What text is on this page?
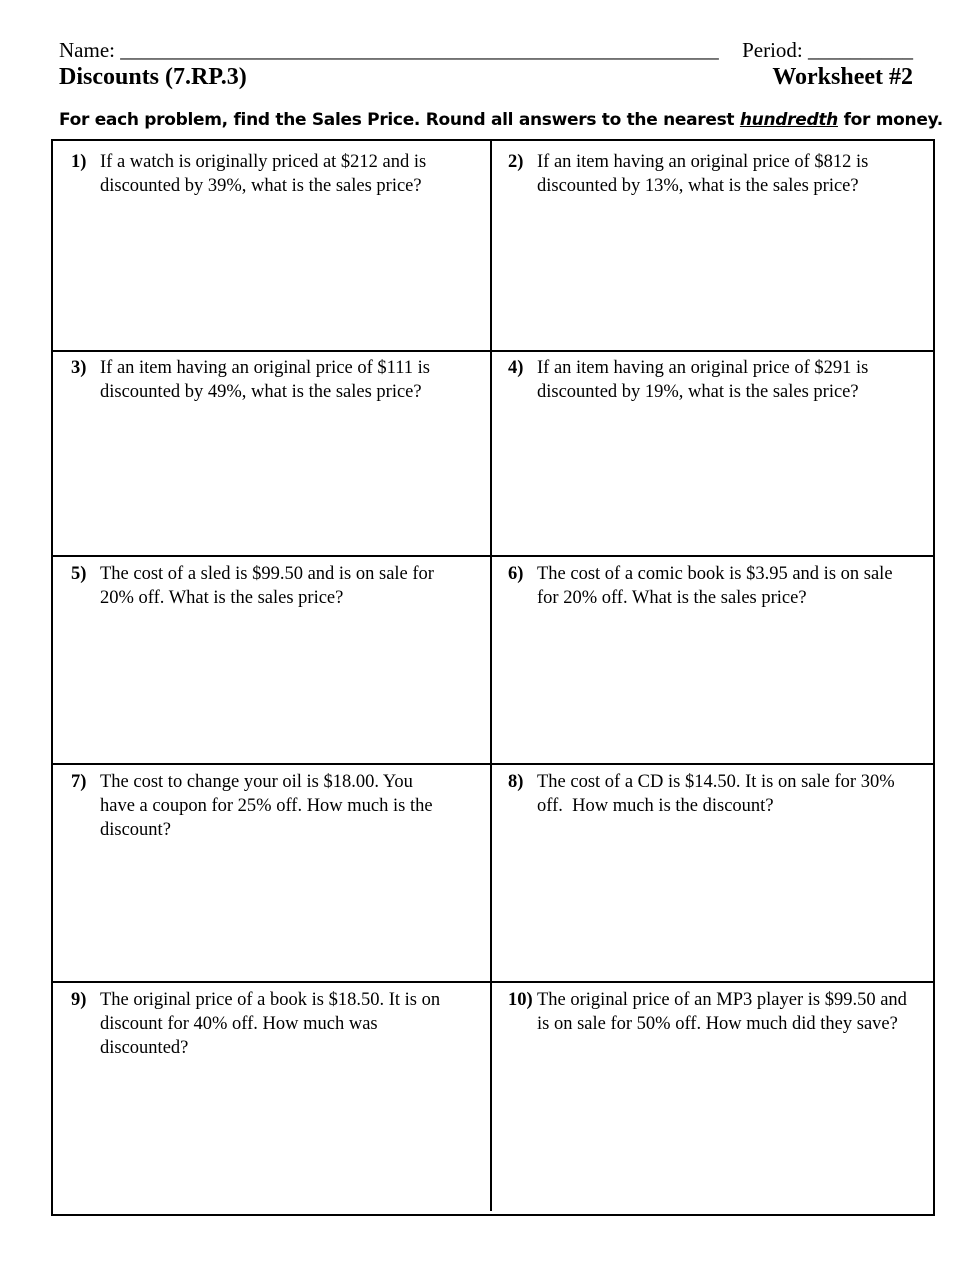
Name: _________________________________________________________ Period: __________
Discounts (7.RP.3)	Worksheet #2
For each problem, find the Sales Price. Round all answers to the nearest hundredth for money.
1) If a watch is originally priced at $212 and is
discounted by 39%, what is the sales price?
2) If an item having an original price of $812 is
discounted by 13%, what is the sales price?
3) If an item having an original price of $111 is
discounted by 49%, what is the sales price?
4) If an item having an original price of $291 is
discounted by 19%, what is the sales price?
5) The cost of a sled is $99.50 and is on sale for
20% off. What is the sales price?
6) The cost of a comic book is $3.95 and is on sale
for 20% off. What is the sales price?
7) The cost to change your oil is $18.00. You
have a coupon for 25% off. How much is the
discount?
8) The cost of a CD is $14.50. It is on sale for 30%
off.  How much is the discount?
9) The original price of a book is $18.50. It is on
discount for 40% off. How much was
discounted?
10) The original price of an MP3 player is $99.50 and
is on sale for 50% off. How much did they save?
